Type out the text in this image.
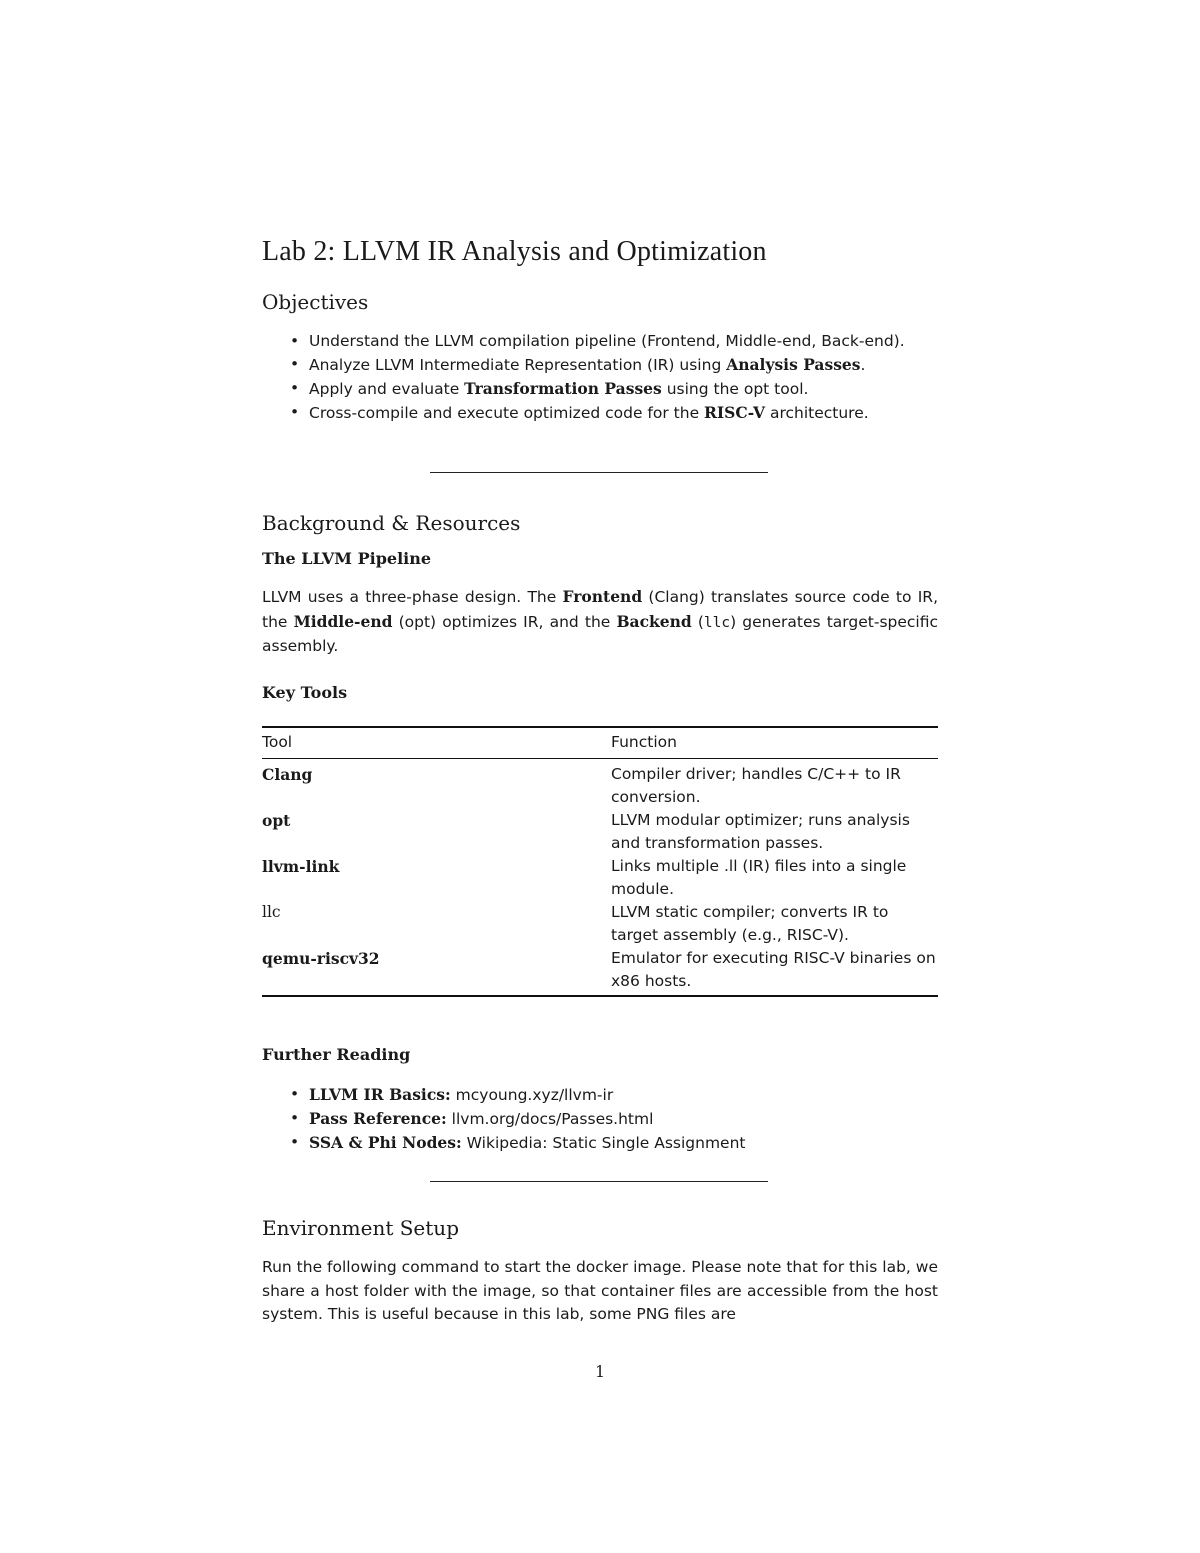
Lab 2: LLVM IR Analysis and Optimization
Objectives
• Understand the LLVM compilation pipeline (Frontend, Middle-end, Back-end).
• Analyze LLVM Intermediate Representation (IR) using Analysis Passes.
• Apply and evaluate Transformation Passes using the opt tool.
• Cross-compile and execute optimized code for the RISC-V architecture.
Background & Resources
The LLVM Pipeline

LLVM uses a three-phase design. The Frontend (Clang) translates source code to IR, the Middle-end (opt) optimizes IR, and the Backend (llc) generates target-specific assembly.

Key Tools
Tool	Function
Clang	Compiler driver; handles C/C++ to IR conversion.
opt	LLVM modular optimizer; runs analysis and transformation passes.
llvm-link	Links multiple .ll (IR) files into a single module.
llc	LLVM static compiler; converts IR to target assembly (e.g., RISC-V).
qemu-riscv32	Emulator for executing RISC-V binaries on x86 hosts.
Further Reading
• LLVM IR Basics: mcyoung.xyz/llvm-ir
• Pass Reference: llvm.org/docs/Passes.html
• SSA & Phi Nodes: Wikipedia: Static Single Assignment
Environment Setup

Run the following command to start the docker image. Please note that for this lab, we share a host folder with the image, so that container files are accessible from the host system. This is useful because in this lab, some PNG files are

1
